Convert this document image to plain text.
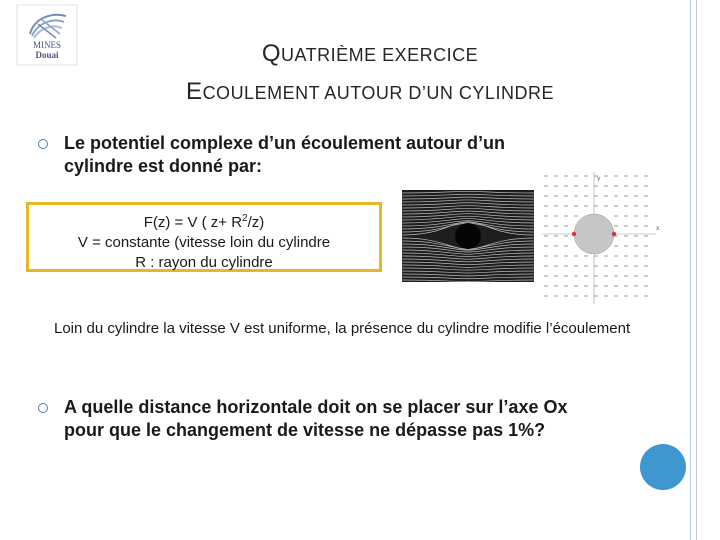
MINES
Douai	QUATRIÈME EXERCICE
ECOULEMENT AUTOUR D’UN CYLINDRE
Le potentiel complexe d’un écoulement autour d’un cylindre est donné par:
F(z) = V ( $z+ R^2/z$)
V = constante (vitesse loin du cylindre
R : rayon du cylindre
x
y
Loin du cylindre la vitesse V est uniforme, la présence du cylindre modifie l’écoulement
A quelle distance horizontale doit on se placer sur l’axe Ox pour que le changement de vitesse ne dépasse pas 1%?
